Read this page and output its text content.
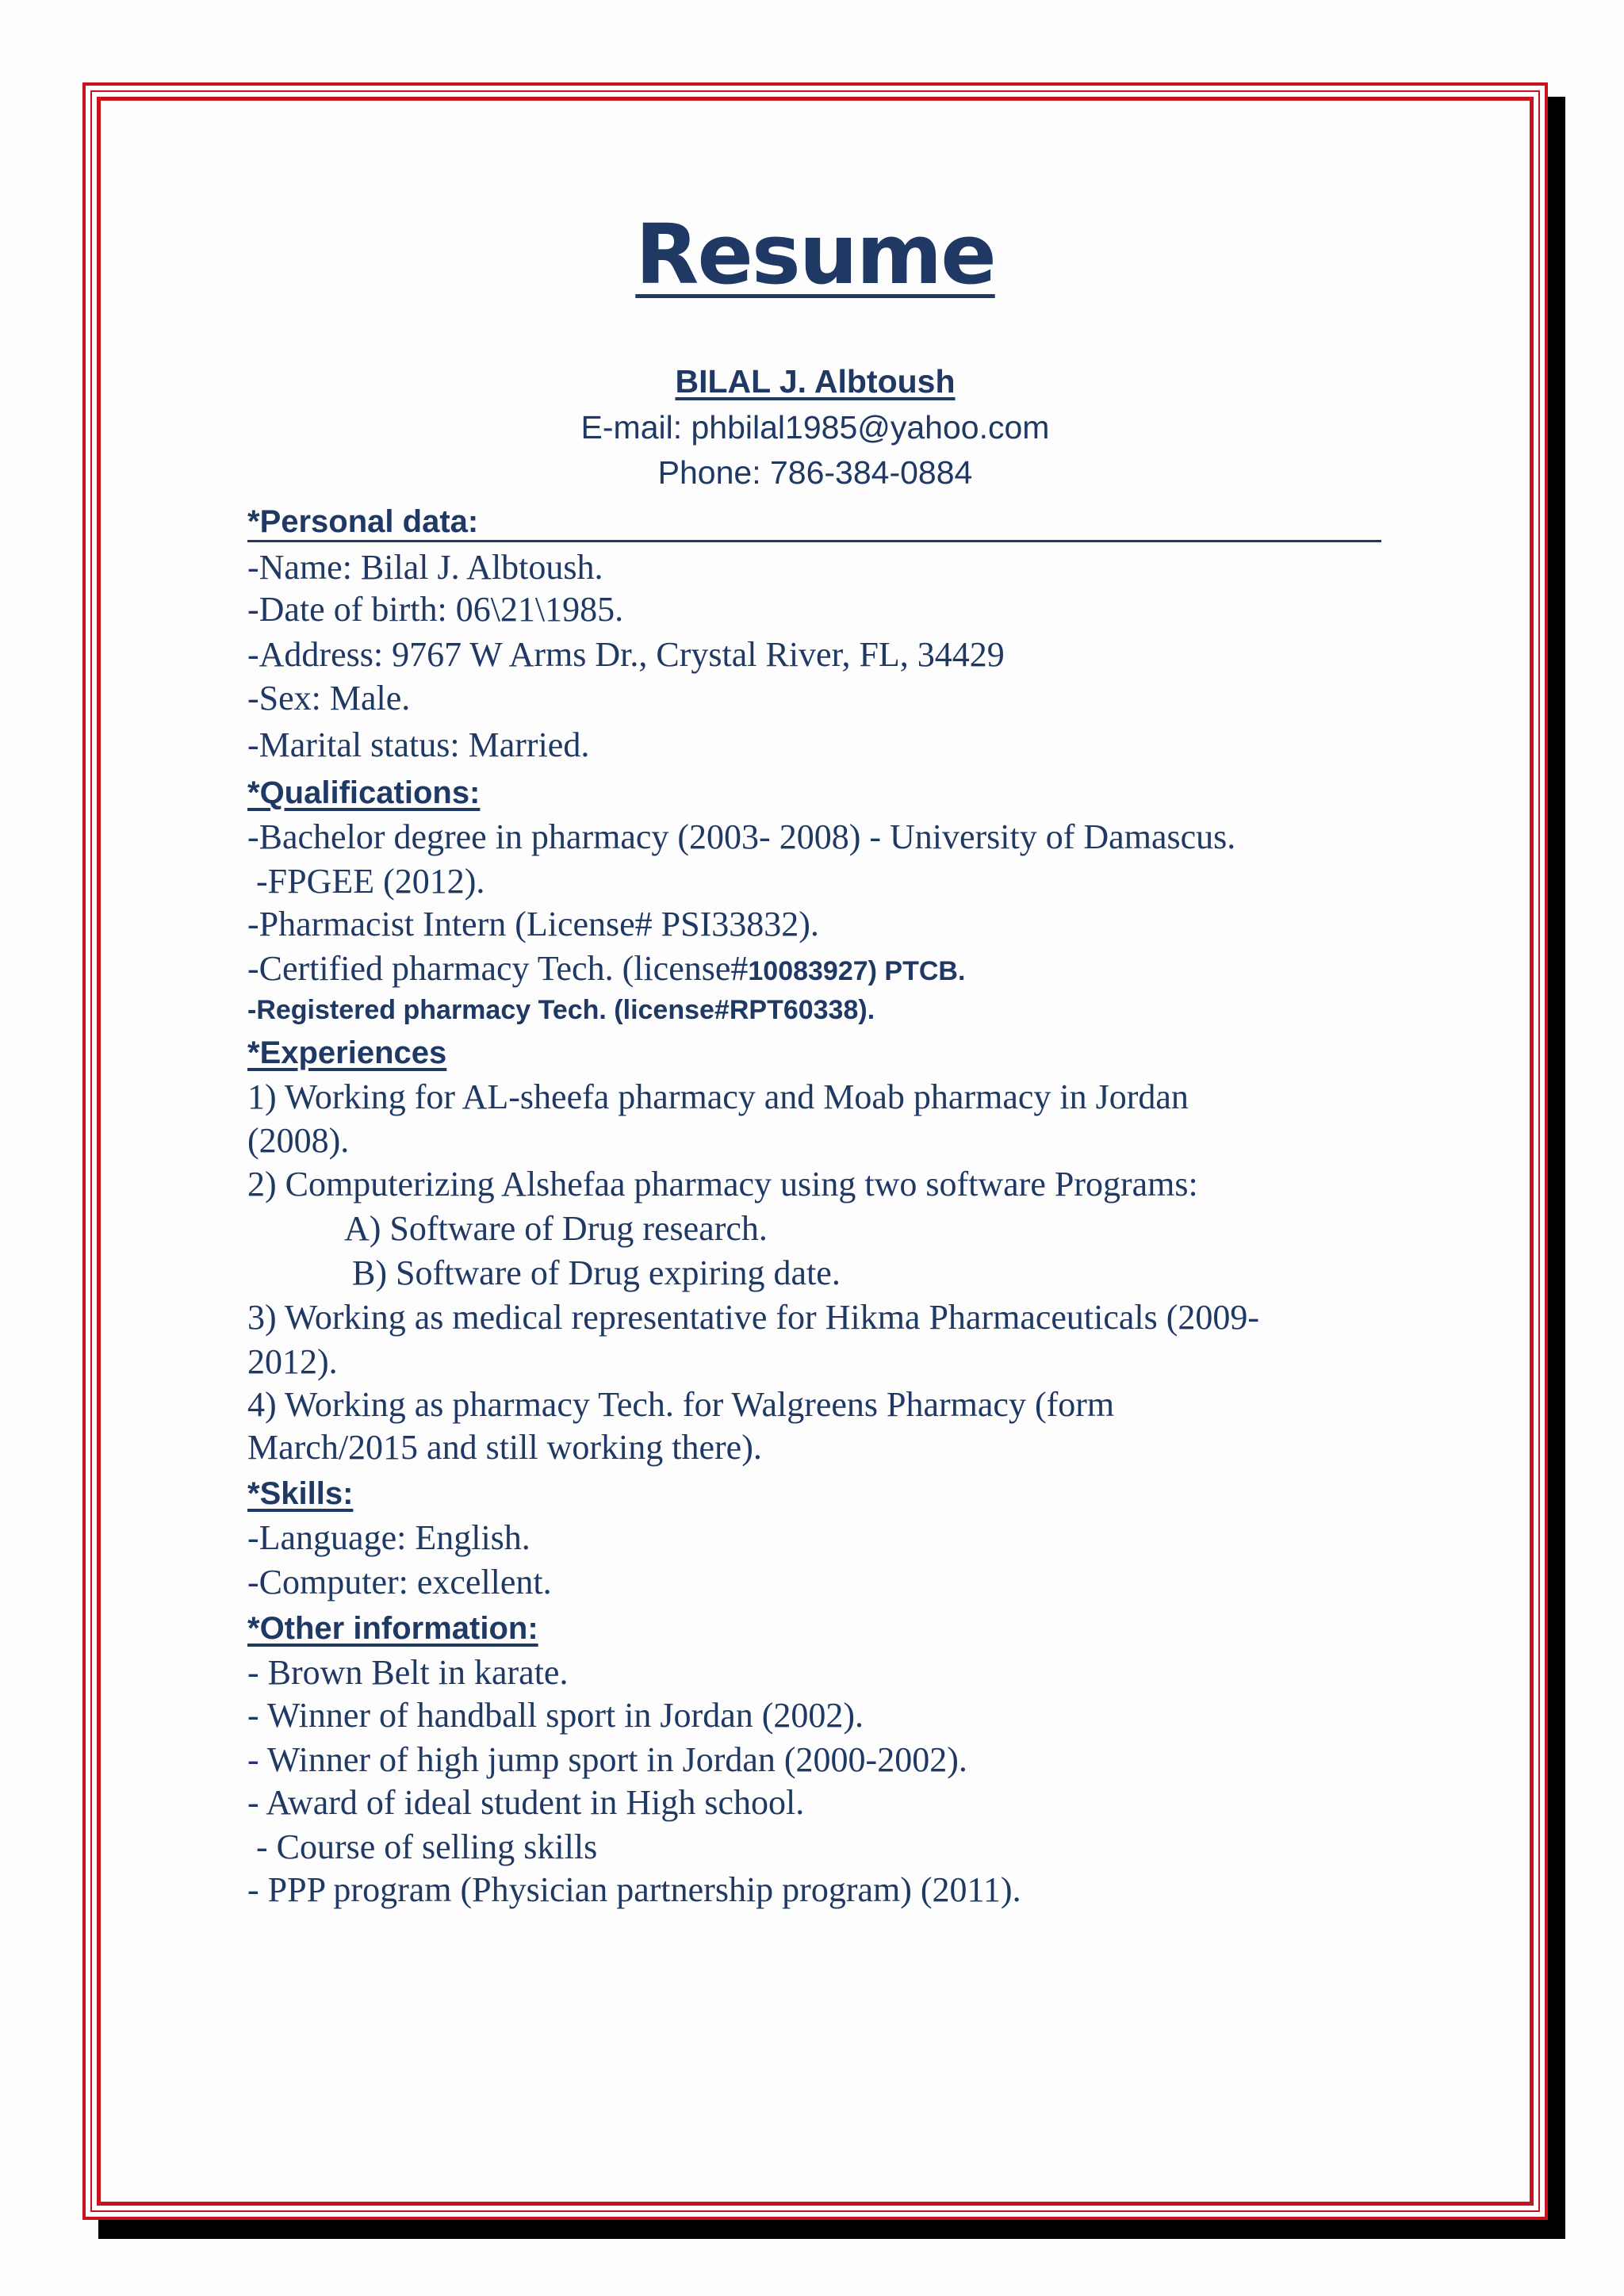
Resume
BILAL J. Albtoush
E-mail: phbilal1985@yahoo.com
Phone: 786-384-0884
*Personal data:
-Name: Bilal J. Albtoush.
-Date of birth: 06\21\1985.
-Address: 9767 W Arms Dr., Crystal River, FL, 34429
-Sex: Male.
-Marital status: Married.
*Qualifications:
-Bachelor degree in pharmacy (2003- 2008) - University of Damascus.
-FPGEE (2012).
-Pharmacist Intern (License# PSI33832).
-Certified pharmacy Tech. (license#10083927) PTCB.
-Registered pharmacy Tech. (license#RPT60338).
*Experiences
1) Working for AL-sheefa pharmacy and Moab pharmacy in Jordan
(2008).
2) Computerizing Alshefaa pharmacy using two software Programs:
A) Software of Drug research.
B) Software of Drug expiring date.
3) Working as medical representative for Hikma Pharmaceuticals (2009-
2012).
4) Working as pharmacy Tech. for Walgreens Pharmacy (form
March/2015 and still working there).
*Skills:
-Language: English.
-Computer: excellent.
*Other information:
- Brown Belt in karate.
- Winner of handball sport in Jordan (2002).
- Winner of high jump sport in Jordan (2000-2002).
- Award of ideal student in High school.
- Course of selling skills
- PPP program (Physician partnership program) (2011).
